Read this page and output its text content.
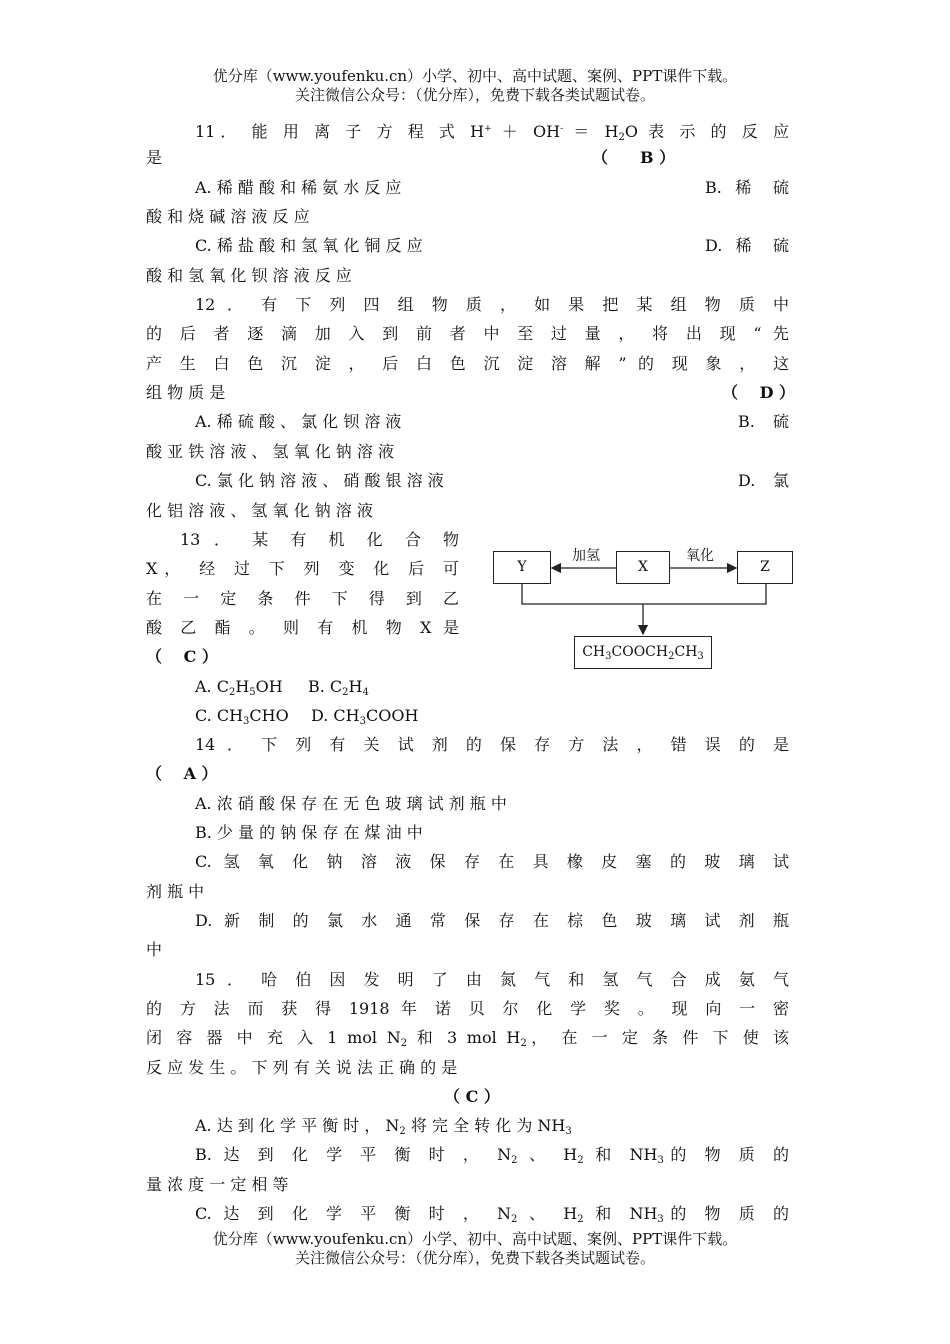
优分库（www.youfenku.cn）小学、初中、高中试题、案例、PPT课件下载。
关注微信公众号：（优分库），免费下载各类试题试卷。
11． 能 用 离 子 方 程 式 $H^+ + OH^- = H_2O$ 表 示 的 反 应
是	（　　B ）
A. 稀 醋 酸 和 稀 氨 水 反 应	B. 稀 硫
酸 和 烧 碱 溶 液 反 应
C. 稀 盐 酸 和 氢 氧 化 铜 反 应	D. 稀 硫
酸 和 氢 氧 化 钡 溶 液 反 应
12 ． 有 下 列 四 组 物 质 ， 如 果 把 某 组 物 质 中
的 后 者 逐 滴 加 入 到 前 者 中 至 过 量 ， 将 出 现 “ 先
产 生 白 色 沉 淀 ， 后 白 色 沉 淀 溶 解 ” 的 现 象 ， 这
组 物 质 是	（　 D ）
A. 稀 硫 酸 、 氯 化 钡 溶 液	B. 硫
酸 亚 铁 溶 液 、 氢 氧 化 钠 溶 液
C. 氯 化 钠 溶 液 、 硝 酸 银 溶 液	D. 氯
化 铝 溶 液 、 氢 氧 化 钠 溶 液
13 ． 某 有 机 化 合 物
X， 经 过 下 列 变 化 后 可
在 一 定 条 件 下 得 到 乙
酸 乙 酯 。 则 有 机 物 X 是
（　 C ）
A. $C_2H_5OH$	B. $C_2H_4$
C. $CH_3CHO$	D. $CH_3COOH$
Y	X	Z
加氢	氧化
$CH_3COOCH_2CH_3$
14 ． 下 列 有 关 试 剂 的 保 存 方 法 ， 错 误 的 是
（　 A ）
A. 浓 硝 酸 保 存 在 无 色 玻 璃 试 剂 瓶 中
B. 少 量 的 钠 保 存 在 煤 油 中
C. 氢 氧 化 钠 溶 液 保 存 在 具 橡 皮 塞 的 玻 璃 试
剂 瓶 中
D. 新 制 的 氯 水 通 常 保 存 在 棕 色 玻 璃 试 剂 瓶
中
15 ． 哈 伯 因 发 明 了 由 氮 气 和 氢 气 合 成 氨 气
的 方 法 而 获 得 1918 年 诺 贝 尔 化 学 奖 。 现 向 一 密
闭 容 器 中 充 入 1 mol $N_2$ 和 3 mol $H_2$， 在 一 定 条 件 下 使 该
反 应 发 生 。 下 列 有 关 说 法 正 确 的 是
（ C ）
A. 达 到 化 学 平 衡 时 ， $N_2$ 将 完 全 转 化 为 $NH_3$
B. 达 到 化 学 平 衡 时 ， $N_2$ 、 $H_2$ 和 $NH_3$的 物 质 的
量 浓 度 一 定 相 等
C. 达 到 化 学 平 衡 时 ， $N_2$ 、 $H_2$ 和 $NH_3$的 物 质 的
优分库（www.youfenku.cn）小学、初中、高中试题、案例、PPT课件下载。
关注微信公众号：（优分库），免费下载各类试题试卷。
